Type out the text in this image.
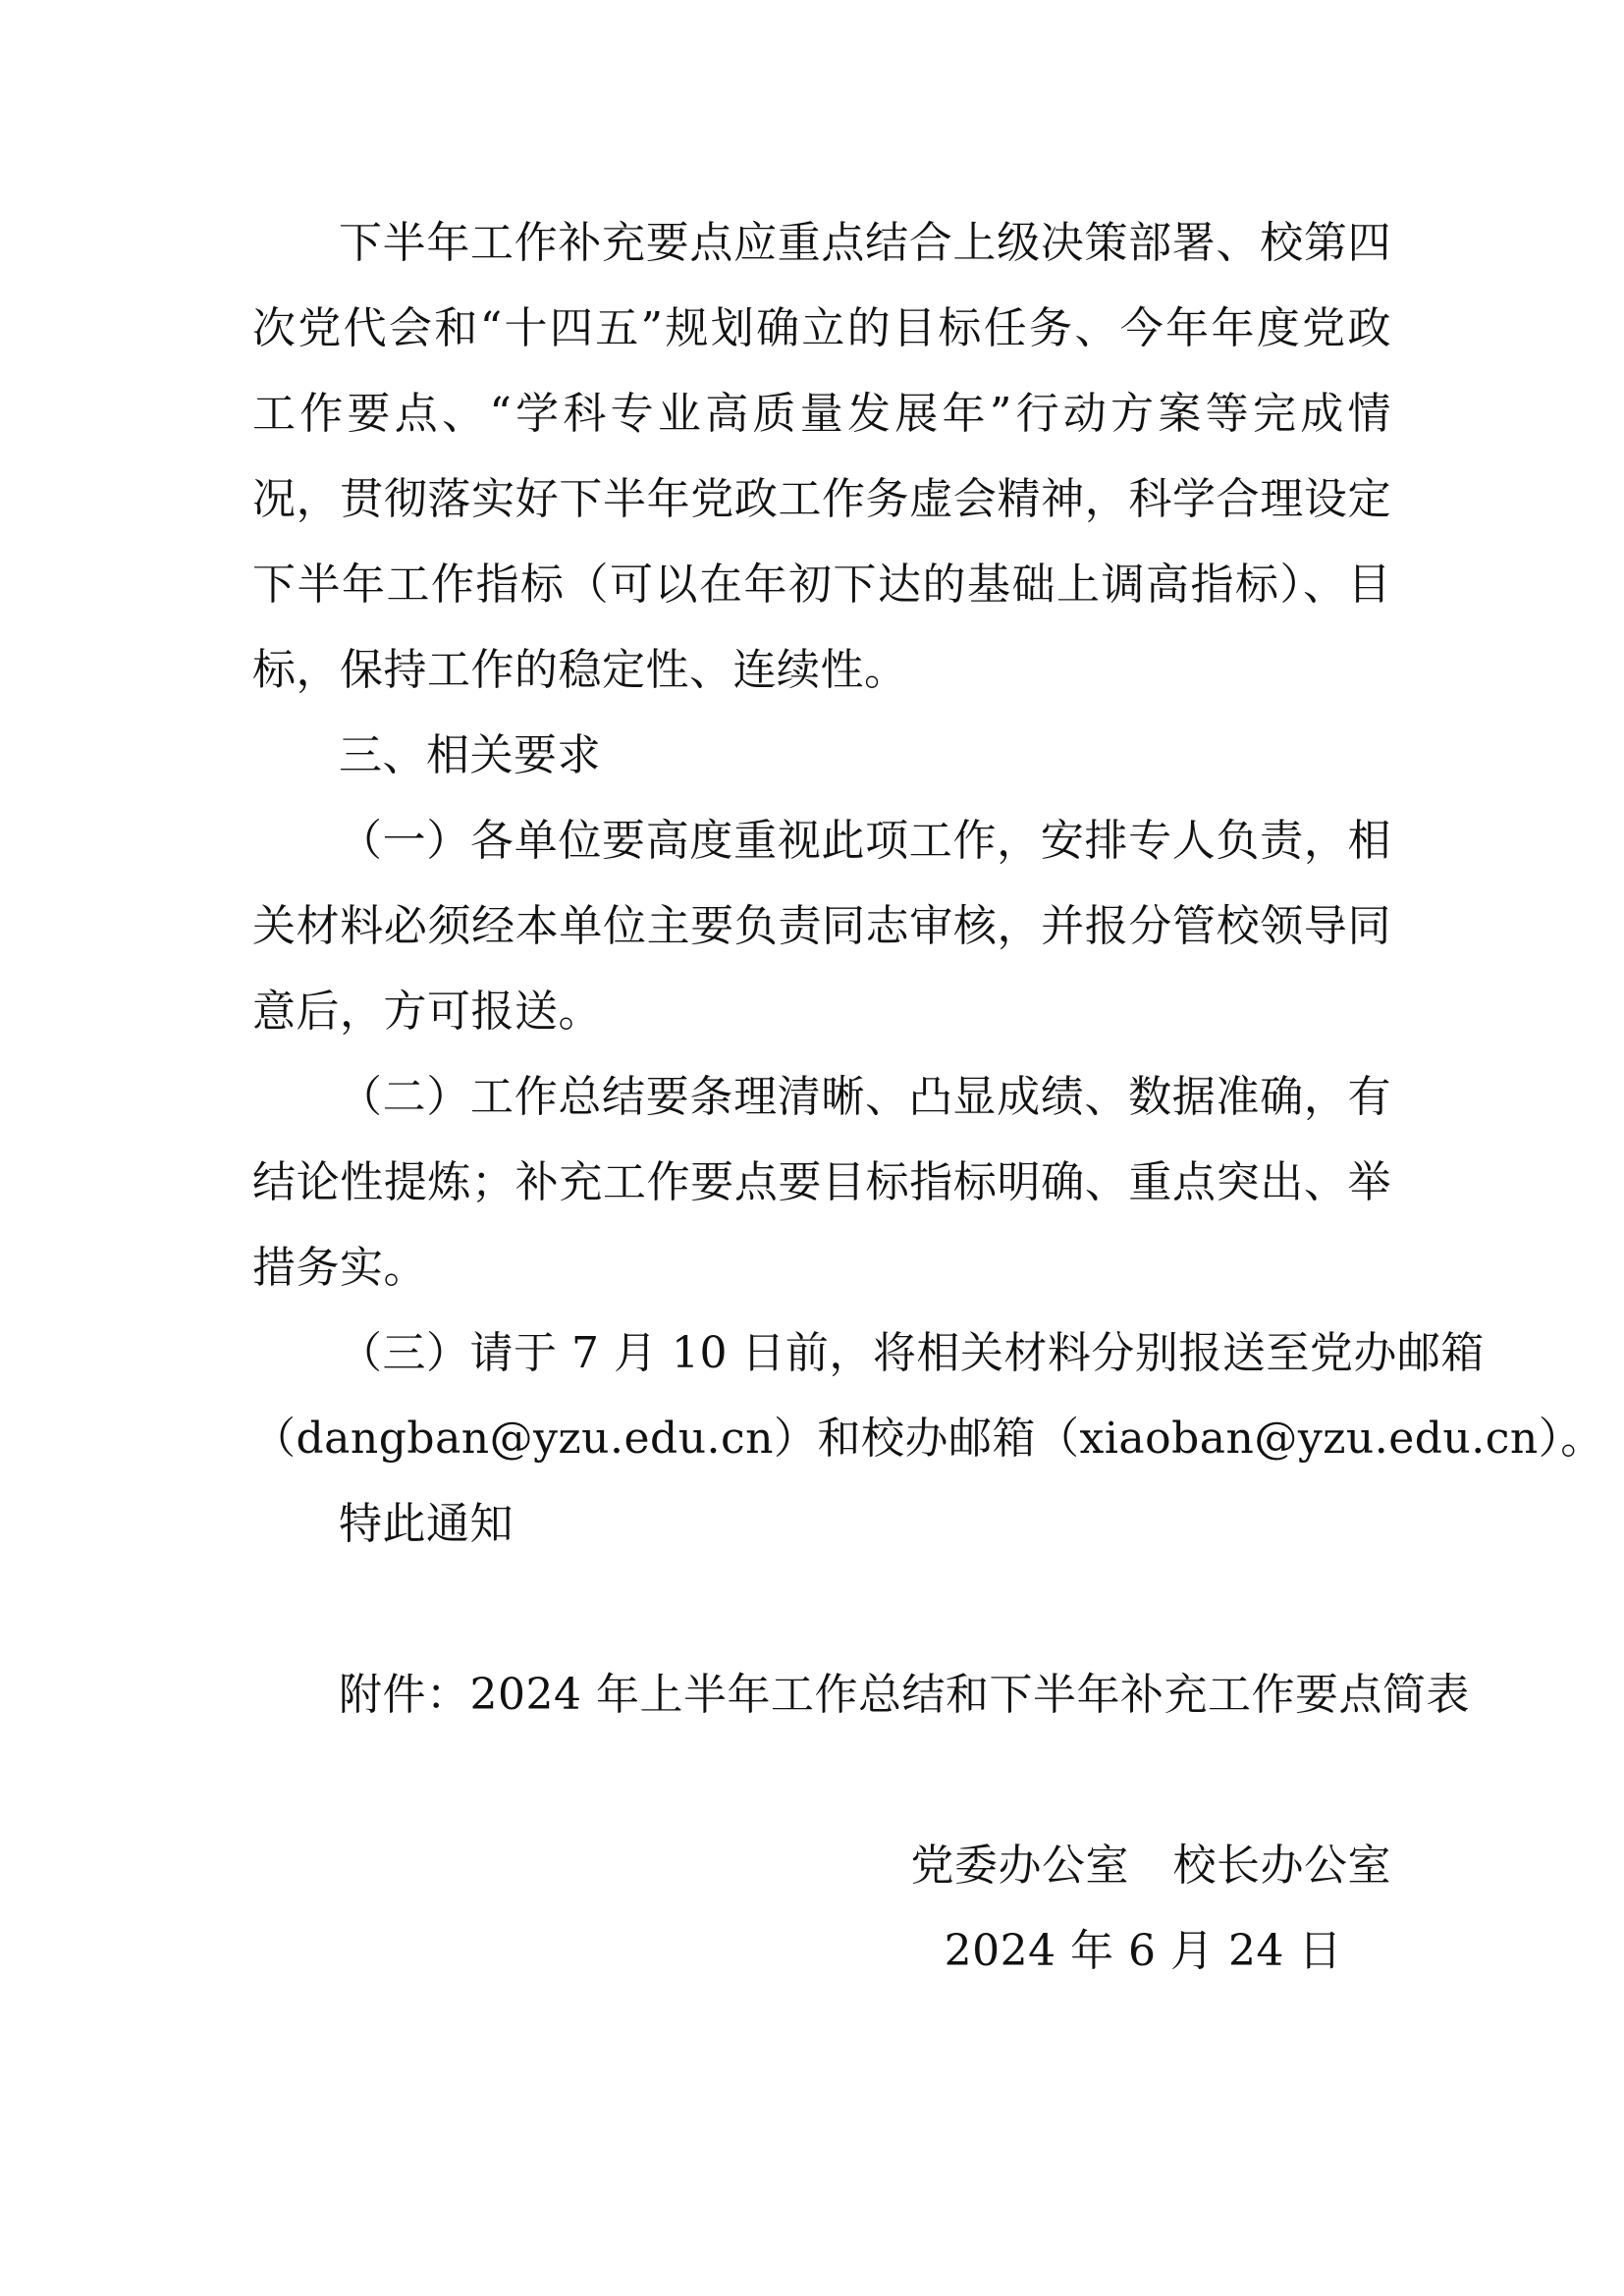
下半年工作补充要点应重点结合上级决策部署、校第四
次党代会和“十四五”规划确立的目标任务、今年年度党政
工作要点、“学科专业高质量发展年”行动方案等完成情
况，贯彻落实好下半年党政工作务虚会精神，科学合理设定
下半年工作指标（可以在年初下达的基础上调高指标）、目
标，保持工作的稳定性、连续性。
三、相关要求
（一）各单位要高度重视此项工作，安排专人负责，相
关材料必须经本单位主要负责同志审核，并报分管校领导同
意后，方可报送。
（二）工作总结要条理清晰、凸显成绩、数据准确，有
结论性提炼；补充工作要点要目标指标明确、重点突出、举
措务实。
（三）请于 7 月 10 日前，将相关材料分别报送至党办邮箱
（dangban@yzu.edu.cn）和校办邮箱（xiaoban@yzu.edu.cn）。
特此通知
附件：2024 年上半年工作总结和下半年补充工作要点简表
党委办公室　校长办公室
2024 年 6 月 24 日
